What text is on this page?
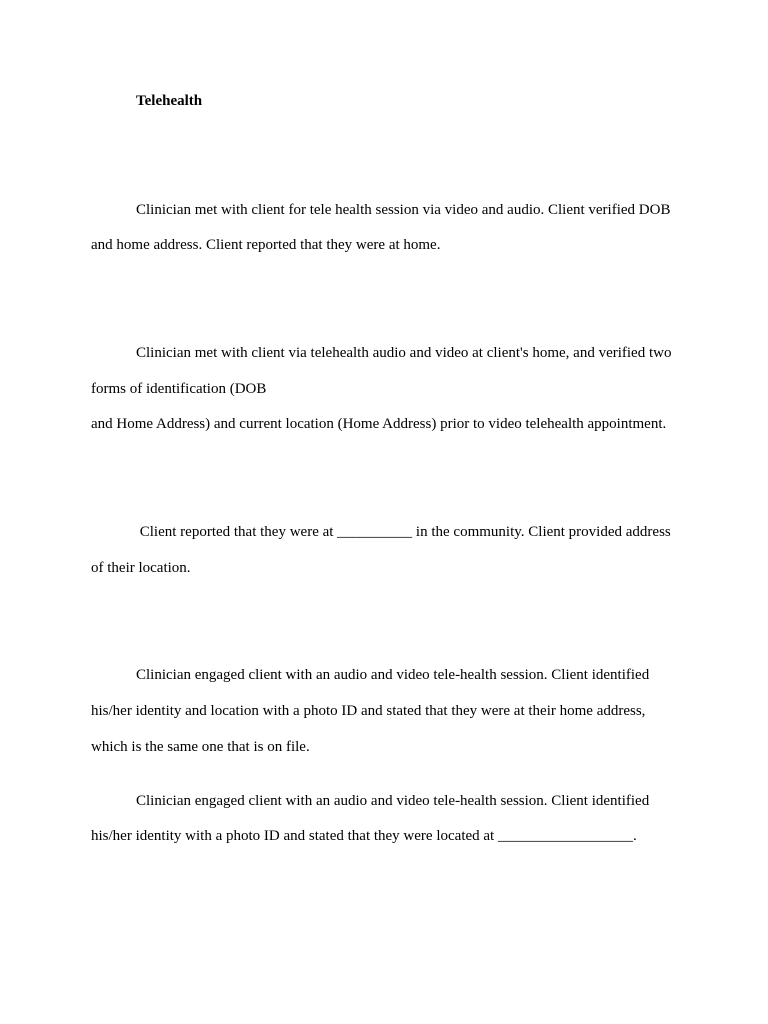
Telehealth

Clinician met with client for tele health session via video and audio. Client verified DOB

and home address. Client reported that they were at home.

Clinician met with client via telehealth audio and video at client's home, and verified two

forms of identification (DOB

and Home Address) and current location (Home Address) prior to video telehealth appointment.

Client reported that they were at __________ in the community. Client provided address

of their location.

Clinician engaged client with an audio and video tele-health session. Client identified

his/her identity and location with a photo ID and stated that they were at their home address,

which is the same one that is on file.

Clinician engaged client with an audio and video tele-health session. Client identified

his/her identity with a photo ID and stated that they were located at __________________.
